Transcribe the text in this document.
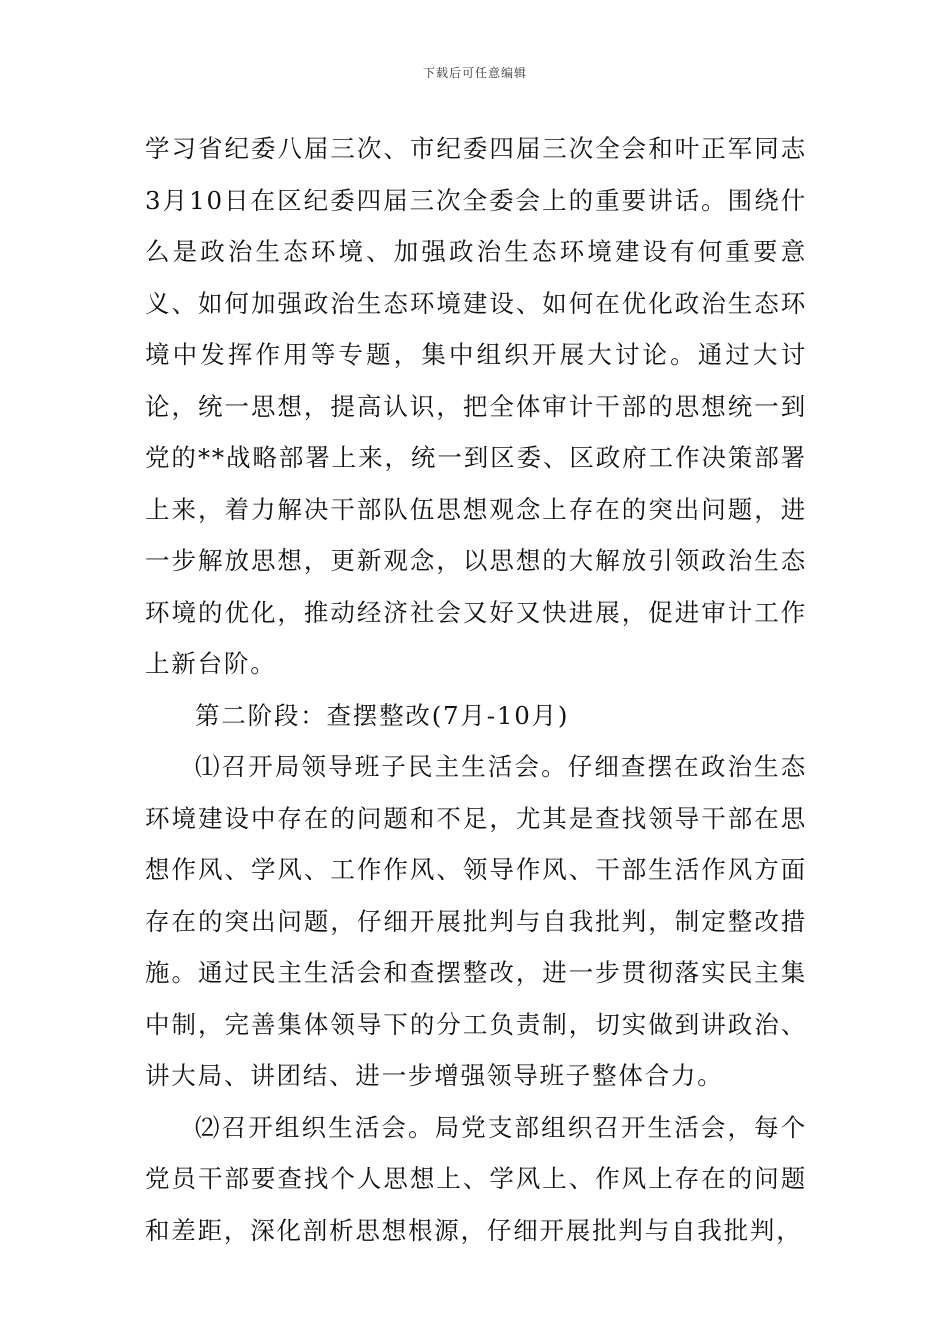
下载后可任意编辑

学习省纪委八届三次、市纪委四届三次全会和叶正军同志3月10日在区纪委四届三次全委会上的重要讲话。围绕什么是政治生态环境、加强政治生态环境建设有何重要意义、如何加强政治生态环境建设、如何在优化政治生态环境中发挥作用等专题，集中组织开展大讨论。通过大讨论，统一思想，提高认识，把全体审计干部的思想统一到党的**战略部署上来，统一到区委、区政府工作决策部署上来，着力解决干部队伍思想观念上存在的突出问题，进一步解放思想，更新观念，以思想的大解放引领政治生态环境的优化，推动经济社会又好又快进展，促进审计工作上新台阶。

第二阶段：查摆整改(7月-10月)

⑴召开局领导班子民主生活会。仔细查摆在政治生态环境建设中存在的问题和不足，尤其是查找领导干部在思想作风、学风、工作作风、领导作风、干部生活作风方面存在的突出问题，仔细开展批判与自我批判，制定整改措施。通过民主生活会和查摆整改，进一步贯彻落实民主集中制，完善集体领导下的分工负责制，切实做到讲政治、讲大局、讲团结、进一步增强领导班子整体合力。

⑵召开组织生活会。局党支部组织召开生活会，每个党员干部要查找个人思想上、学风上、作风上存在的问题和差距，深化剖析思想根源，仔细开展批判与自我批判，
